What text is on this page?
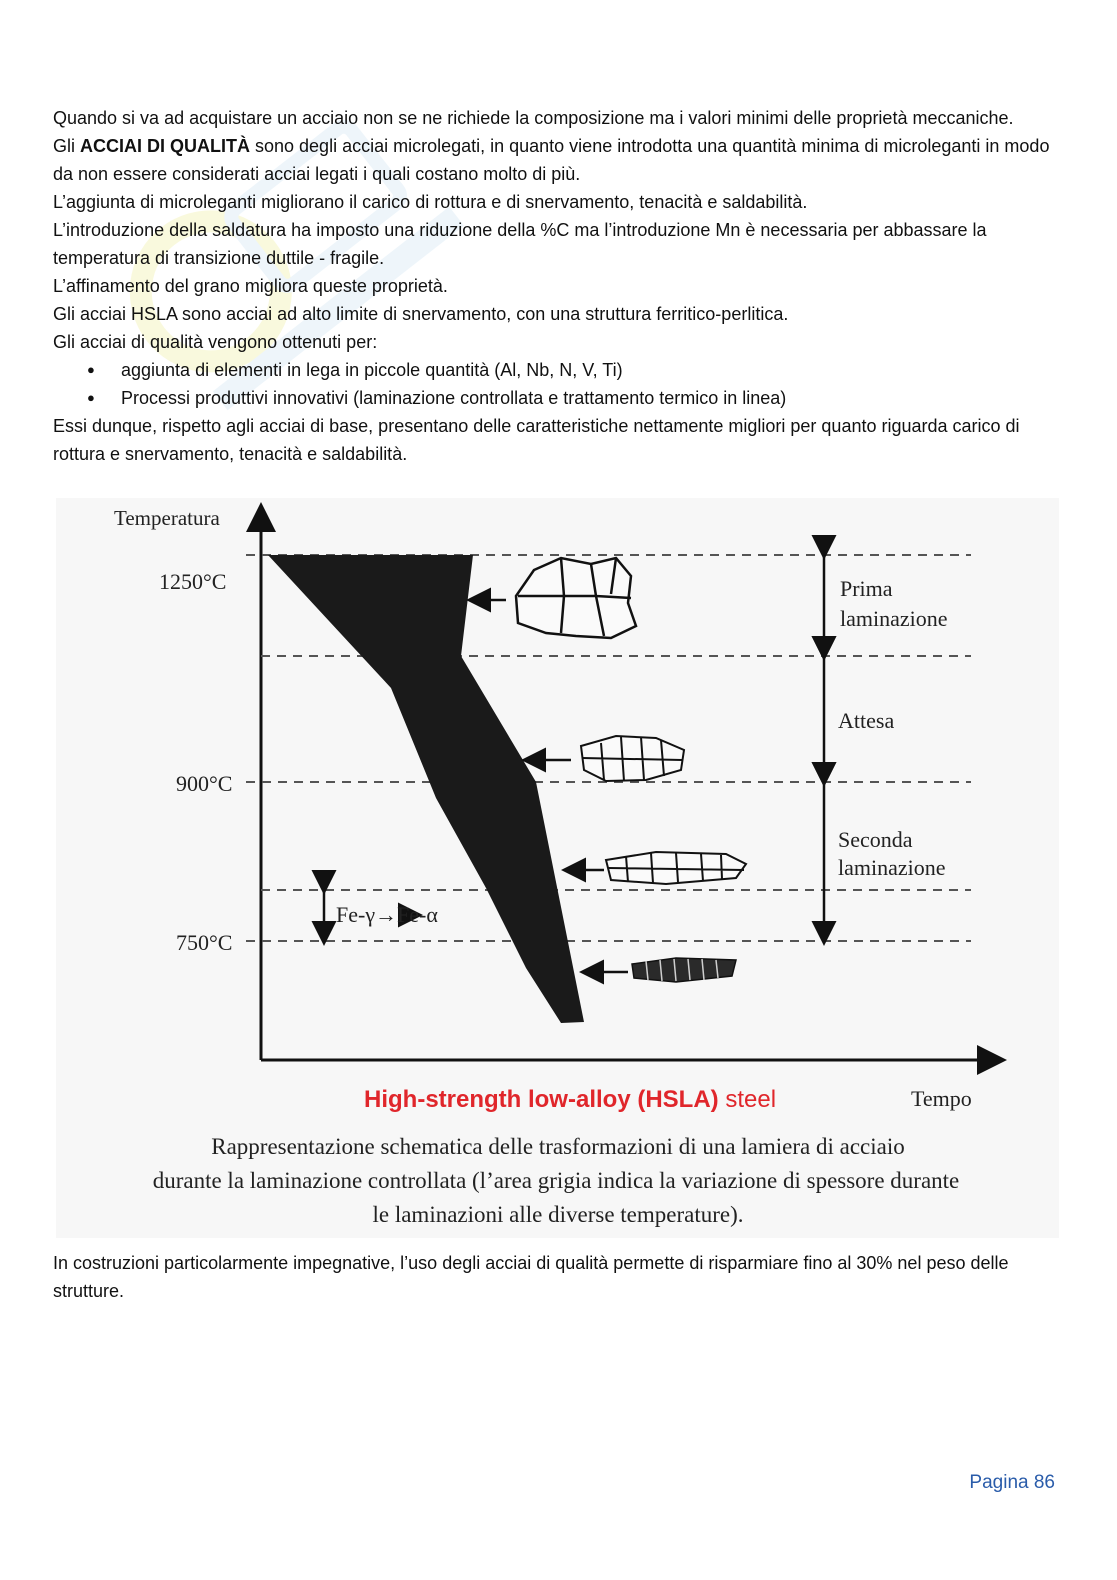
Quando si va ad acquistare un acciaio non se ne richiede la composizione ma i valori minimi delle proprietà meccaniche.

Gli ACCIAI DI QUALITÀ sono degli acciai microlegati, in quanto viene introdotta una quantità minima di microleganti in modo da non essere considerati acciai legati i quali costano molto di più.

L’aggiunta di microleganti migliorano il carico di rottura e di snervamento, tenacità e saldabilità.

L’introduzione della saldatura ha imposto una riduzione della %C ma l’introduzione Mn è necessaria per abbassare la temperatura di transizione duttile - fragile.

L’affinamento del grano migliora queste proprietà.

Gli acciai HSLA sono acciai ad alto limite di snervamento, con una struttura ferritico-perlitica.

Gli acciai di qualità vengono ottenuti per:

● aggiunta di elementi in lega in piccole quantità (Al, Nb, N, V, Ti)
● Processi produttivi innovativi (laminazione controllata e trattamento termico in linea)

Essi dunque, rispetto agli acciai di base, presentano delle caratteristiche nettamente migliori per quanto riguarda carico di rottura e snervamento, tenacità e saldabilità.

Temperatura
1250°C
900°C
750°C
Prima
laminazione
Attesa
Seconda
laminazione
Fe-γ→Fe-α
Tempo
Rappresentazione schematica delle trasformazioni di una lamiera di acciaio
durante la laminazione controllata (l’area grigia indica la variazione di spessore durante
le laminazioni alle diverse temperature).
High-strength low-alloy (HSLA) steel

In costruzioni particolarmente impegnative, l’uso degli acciai di qualità permette di risparmiare fino al 30% nel peso delle strutture.

Pagina 86
